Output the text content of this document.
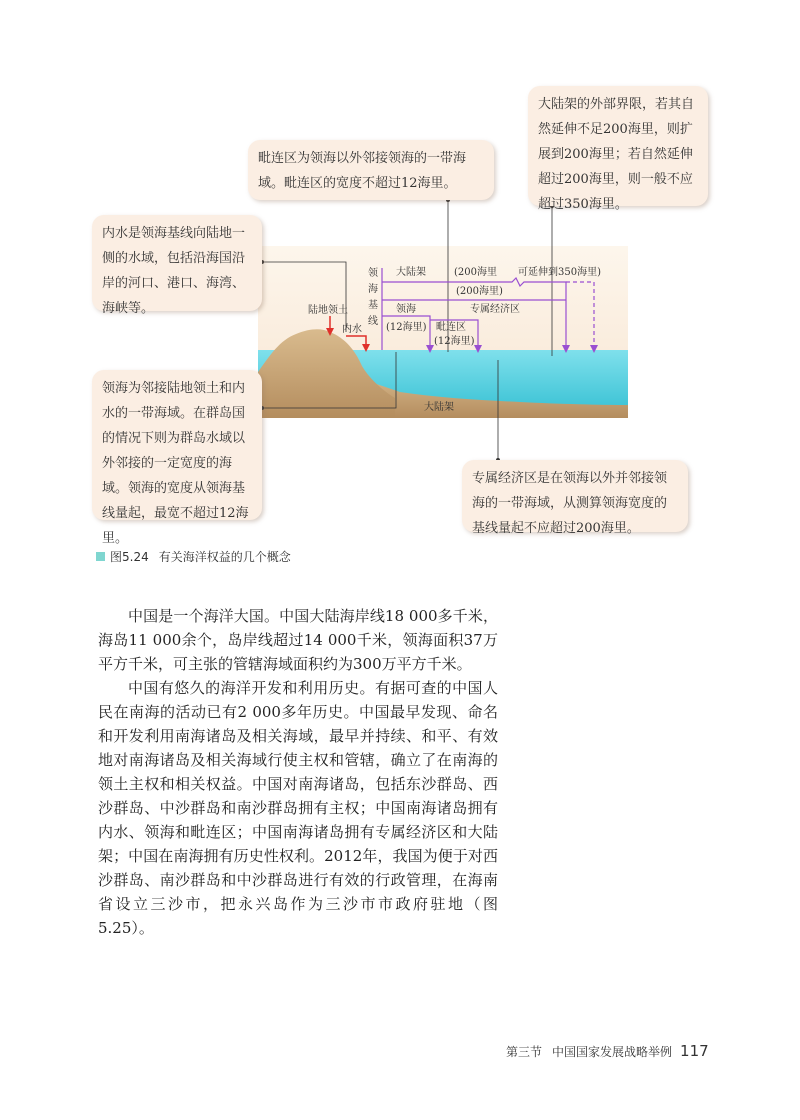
陆地领土
内水
领
海
基
线
大陆架	(200海里 可延伸到350海里)
(200海里)
领海
(12海里) 毗连区
(12海里)
专属经济区
大陆架
大陆架的外部界限，若其自然延伸不足200海里，则扩展到200海里；若自然延伸超过200海里，则一般不应超过350海里。
毗连区为领海以外邻接领海的一带海域。毗连区的宽度不超过12海里。
内水是领海基线向陆地一侧的水域，包括沿海国沿岸的河口、港口、海湾、海峡等。
领海为邻接陆地领土和内水的一带海域。在群岛国的情况下则为群岛水域以外邻接的一定宽度的海域。领海的宽度从领海基线量起，最宽不超过12海里。
专属经济区是在领海以外并邻接领海的一带海域，从测算领海宽度的基线量起不应超过200海里。
图5.24 有关海洋权益的几个概念

中国是一个海洋大国。中国大陆海岸线18 000多千米，海岛11 000余个，岛岸线超过14 000千米，领海面积37万平方千米，可主张的管辖海域面积约为300万平方千米。

中国有悠久的海洋开发和利用历史。有据可查的中国人民在南海的活动已有2 000多年历史。中国最早发现、命名和开发利用南海诸岛及相关海域，最早并持续、和平、有效地对南海诸岛及相关海域行使主权和管辖，确立了在南海的领土主权和相关权益。中国对南海诸岛，包括东沙群岛、西沙群岛、中沙群岛和南沙群岛拥有主权；中国南海诸岛拥有内水、领海和毗连区；中国南海诸岛拥有专属经济区和大陆架；中国在南海拥有历史性权利。2012年，我国为便于对西沙群岛、南沙群岛和中沙群岛进行有效的行政管理，在海南省设立三沙市，把永兴岛作为三沙市市政府驻地（图5.25）。

第三节 中国国家发展战略举例 117
